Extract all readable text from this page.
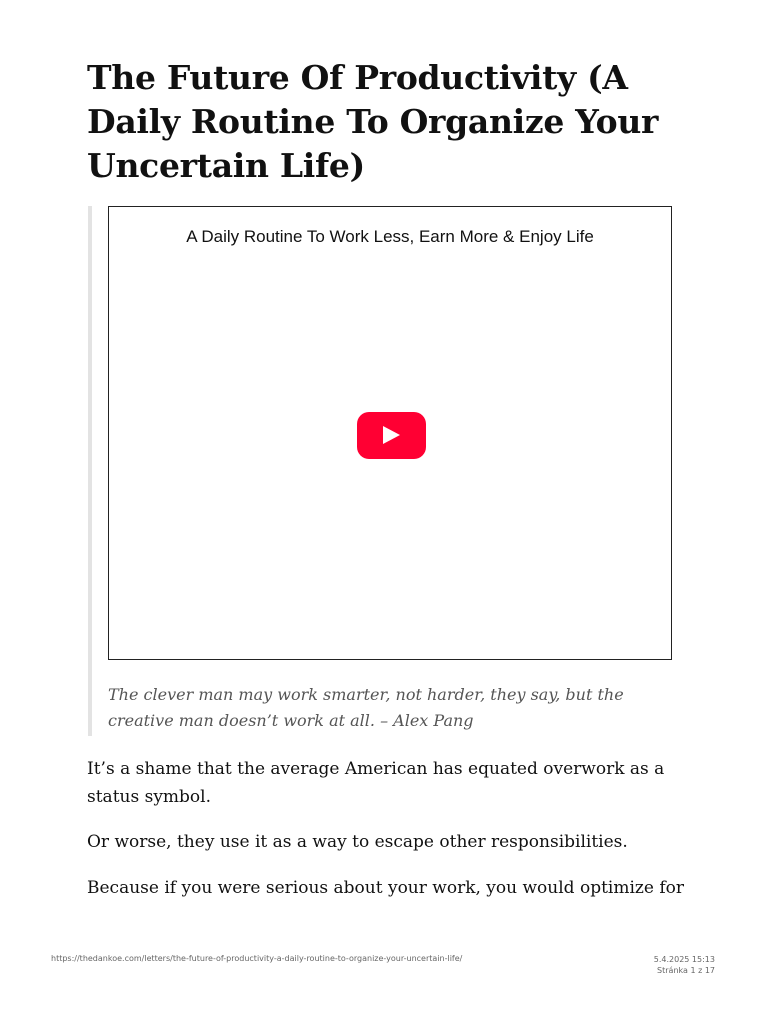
The Future Of Productivity (A Daily Routine To Organize Your Uncertain Life)
A Daily Routine To Work Less, Earn More & Enjoy Life

The clever man may work smarter, not harder, they say, but the creative man doesn’t work at all. – Alex Pang

It’s a shame that the average American has equated overwork as a status symbol.

Or worse, they use it as a way to escape other responsibilities.

Because if you were serious about your work, you would optimize for

https://thedankoe.com/letters/the-future-of-productivity-a-daily-routine-to-organize-your-uncertain-life/	5.4.2025 15:13
Stránka 1 z 17
